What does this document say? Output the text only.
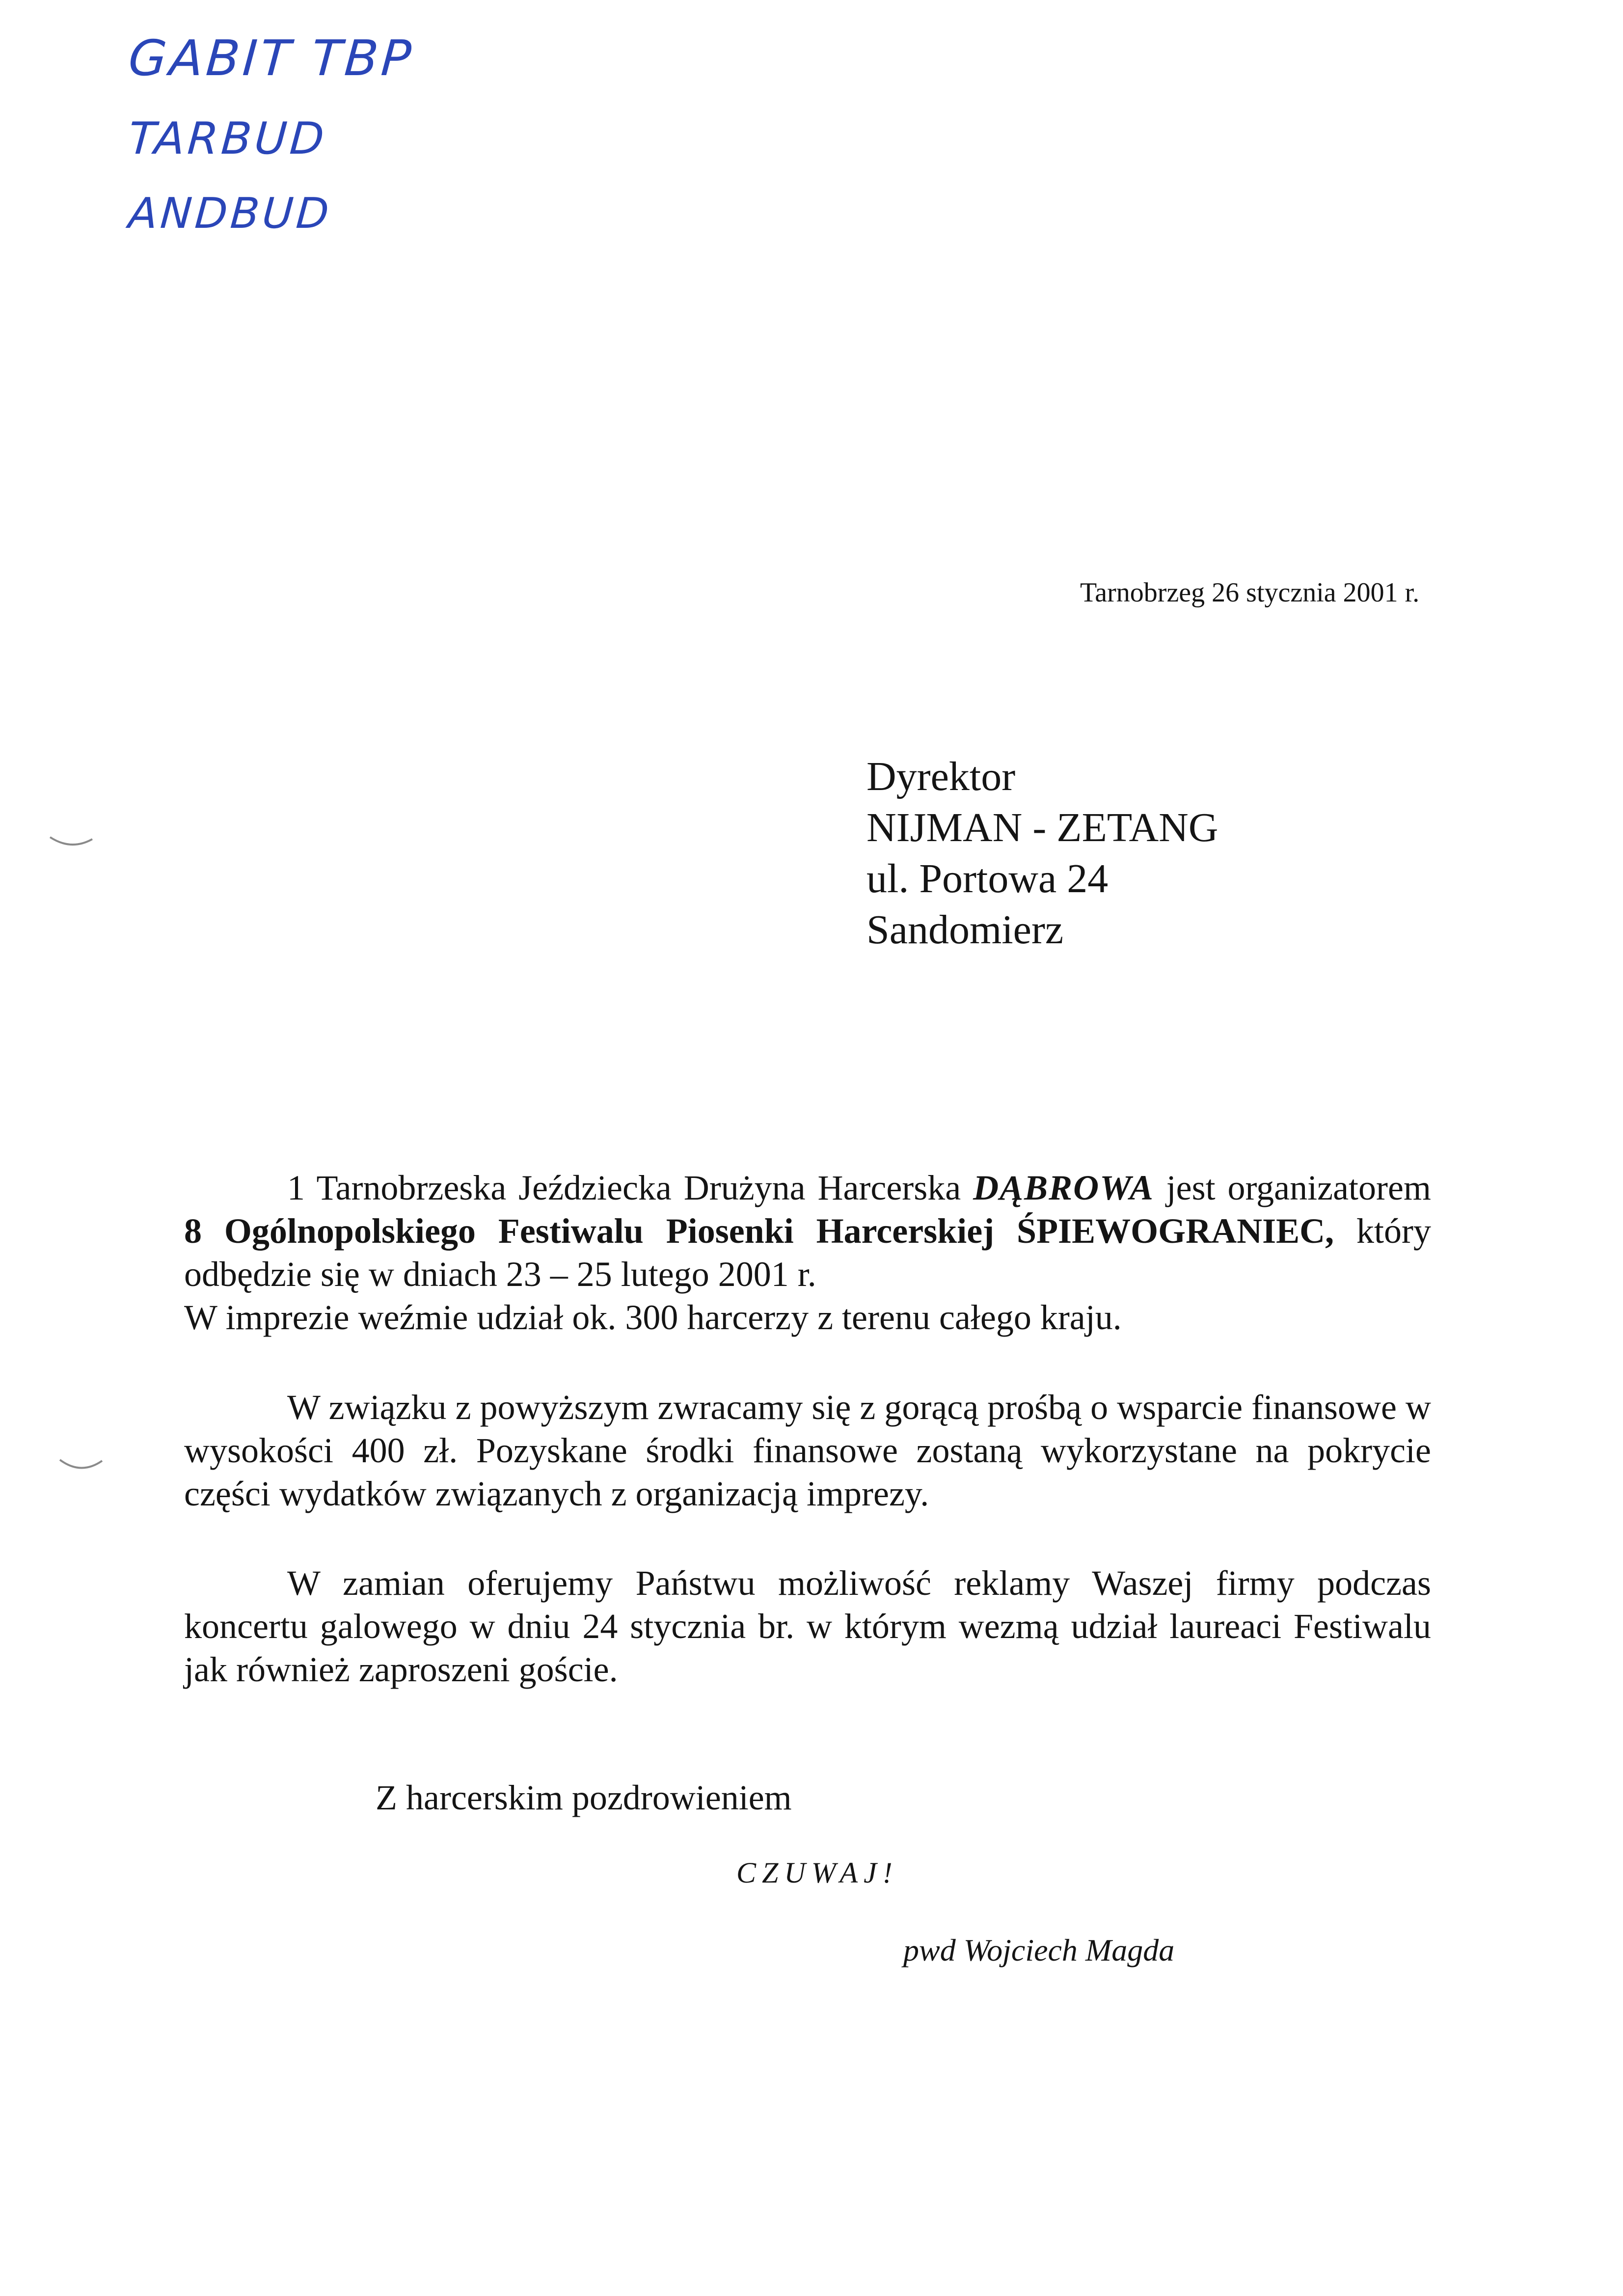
GABIT TBP
TARBUD
ANDBUD
Tarnobrzeg 26 stycznia 2001 r.
Dyrektor
NIJMAN - ZETANG
ul. Portowa 24
Sandomierz
1 Tarnobrzeska Jeździecka Drużyna Harcerska DĄBROWA jest organizatorem 8 Ogólnopolskiego Festiwalu Piosenki Harcerskiej ŚPIEWOGRANIEC, który odbędzie się w dniach 23 – 25 lutego 2001 r.
W imprezie weźmie udział ok. 300 harcerzy z terenu całego kraju.
W związku z powyższym zwracamy się z gorącą prośbą o wsparcie finansowe w wysokości 400 zł. Pozyskane środki finansowe zostaną wykorzystane na pokrycie części wydatków związanych z organizacją imprezy.
W zamian oferujemy Państwu możliwość reklamy Waszej firmy podczas koncertu galowego w dniu 24 stycznia br. w którym wezmą udział laureaci Festiwalu jak również zaproszeni goście.
Z harcerskim pozdrowieniem
CZUWAJ!
pwd Wojciech Magda
